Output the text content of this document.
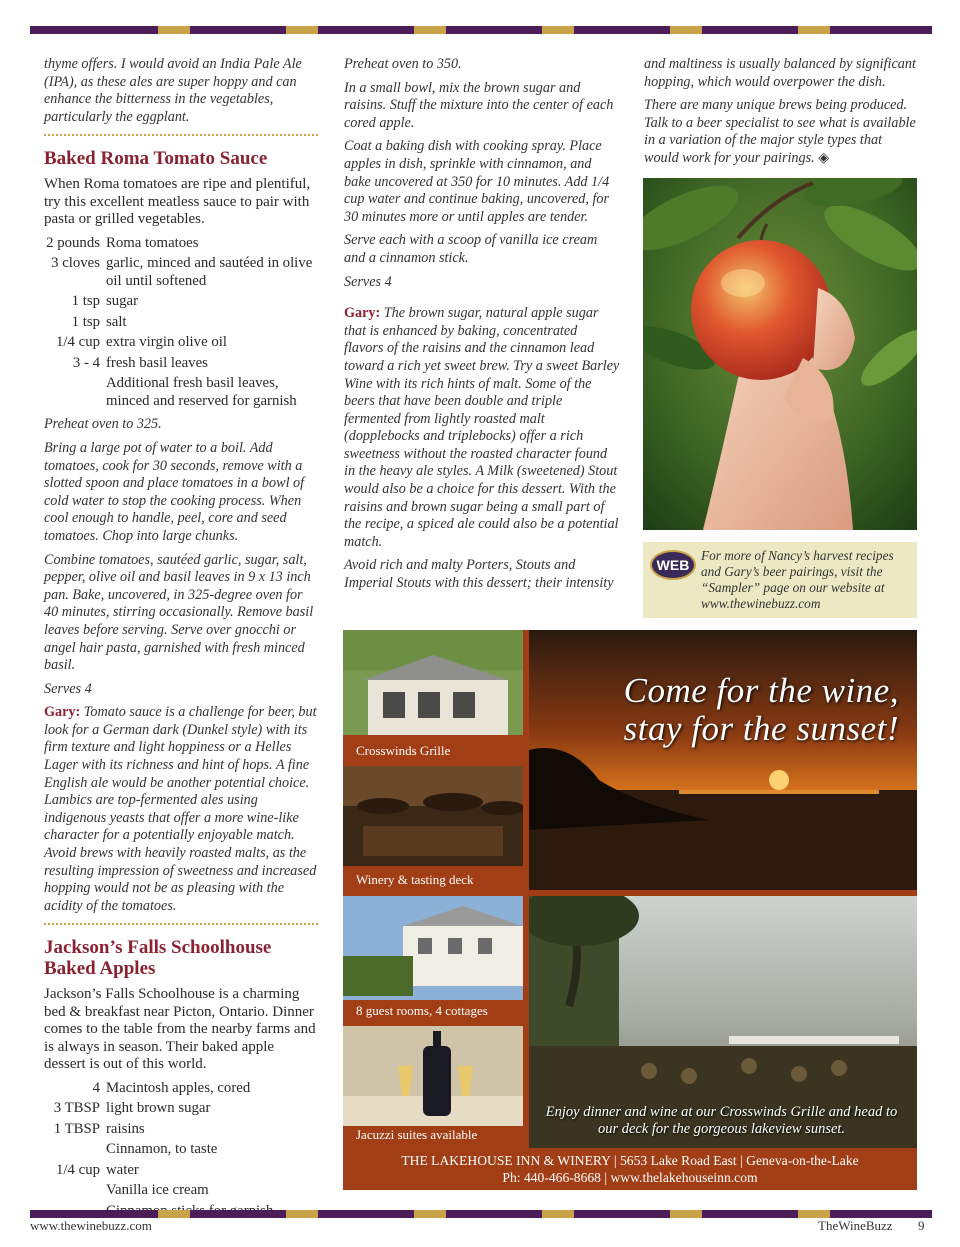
thyme offers. I would avoid an India Pale Ale (IPA), as these ales are super hoppy and can enhance the bitterness in the vegetables, particularly the eggplant.

Baked Roma Tomato Sauce

When Roma tomatoes are ripe and plentiful, try this excellent meatless sauce to pair with pasta or grilled vegetables.

2 pounds Roma tomatoes
3 cloves garlic, minced and sautéed in olive oil until softened
1 tsp sugar
1 tsp salt
1/4 cup extra virgin olive oil
3 - 4 fresh basil leaves
Additional fresh basil leaves, minced and reserved for garnish

Preheat oven to 325.

Bring a large pot of water to a boil. Add tomatoes, cook for 30 seconds, remove with a slotted spoon and place tomatoes in a bowl of cold water to stop the cooking process. When cool enough to handle, peel, core and seed tomatoes. Chop into large chunks.

Combine tomatoes, sautéed garlic, sugar, salt, pepper, olive oil and basil leaves in 9 x 13 inch pan. Bake, uncovered, in 325-degree oven for 40 minutes, stirring occasionally. Remove basil leaves before serving. Serve over gnocchi or angel hair pasta, garnished with fresh minced basil.

Serves 4

Gary: Tomato sauce is a challenge for beer, but look for a German dark (Dunkel style) with its firm texture and light hoppiness or a Helles Lager with its richness and hint of hops. A fine English ale would be another potential choice. Lambics are top-fermented ales using indigenous yeasts that offer a more wine-like character for a potentially enjoyable match. Avoid brews with heavily roasted malts, as the resulting impression of sweetness and increased hopping would not be as pleasing with the acidity of the tomatoes.

Jackson’s Falls Schoolhouse Baked Apples

Jackson’s Falls Schoolhouse is a charming bed & breakfast near Picton, Ontario. Dinner comes to the table from the nearby farms and is always in season. Their baked apple dessert is out of this world.

4 Macintosh apples, cored
3 TBSP light brown sugar
1 TBSP raisins
Cinnamon, to taste
1/4 cup water
Vanilla ice cream

Preheat oven to 350.

In a small bowl, mix the brown sugar and raisins. Stuff the mixture into the center of each cored apple.

Coat a baking dish with cooking spray. Place apples in dish, sprinkle with cinnamon, and bake uncovered at 350 for 10 minutes. Add 1/4 cup water and continue baking, uncovered, for 30 minutes more or until apples are tender.

Serve each with a scoop of vanilla ice cream and a cinnamon stick.

Serves 4

Gary: The brown sugar, natural apple sugar that is enhanced by baking, concentrated flavors of the raisins and the cinnamon lead toward a rich yet sweet brew. Try a sweet Barley Wine with its rich hints of malt. Some of the beers that have been double and triple fermented from lightly roasted malt (dopplebocks and triplebocks) offer a rich sweetness without the roasted character found in the heavy ale styles. A Milk (sweetened) Stout would also be a choice for this dessert. With the raisins and brown sugar being a small part of the recipe, a spiced ale could also be a potential match.

Avoid rich and malty Porters, Stouts and Imperial Stouts with this dessert; their intensity

and maltiness is usually balanced by significant hopping, which would overpower the dish.

There are many unique brews being produced. Talk to a beer specialist to see what is available in a variation of the major style types that would work for your pairings. ◈

WEB

For more of Nancy’s harvest recipes and Gary’s beer pairings, visit the “Sampler” page on our website at www.thewinebuzz.com

Crosswinds Grille
Winery & tasting deck
Come for the wine,
stay for the sunset!
8 guest rooms, 4 cottages
Jacuzzi suites available

Enjoy dinner and wine at our Crosswinds Grille and head to our deck for the gorgeous lakeview sunset.

THE LAKEHOUSE INN & WINERY | 5653 Lake Road East | Geneva-on-the-Lake
Ph: 440-466-8668 | www.thelakehouseinn.com
www.thewinebuzz.com	TheWineBuzz 9
